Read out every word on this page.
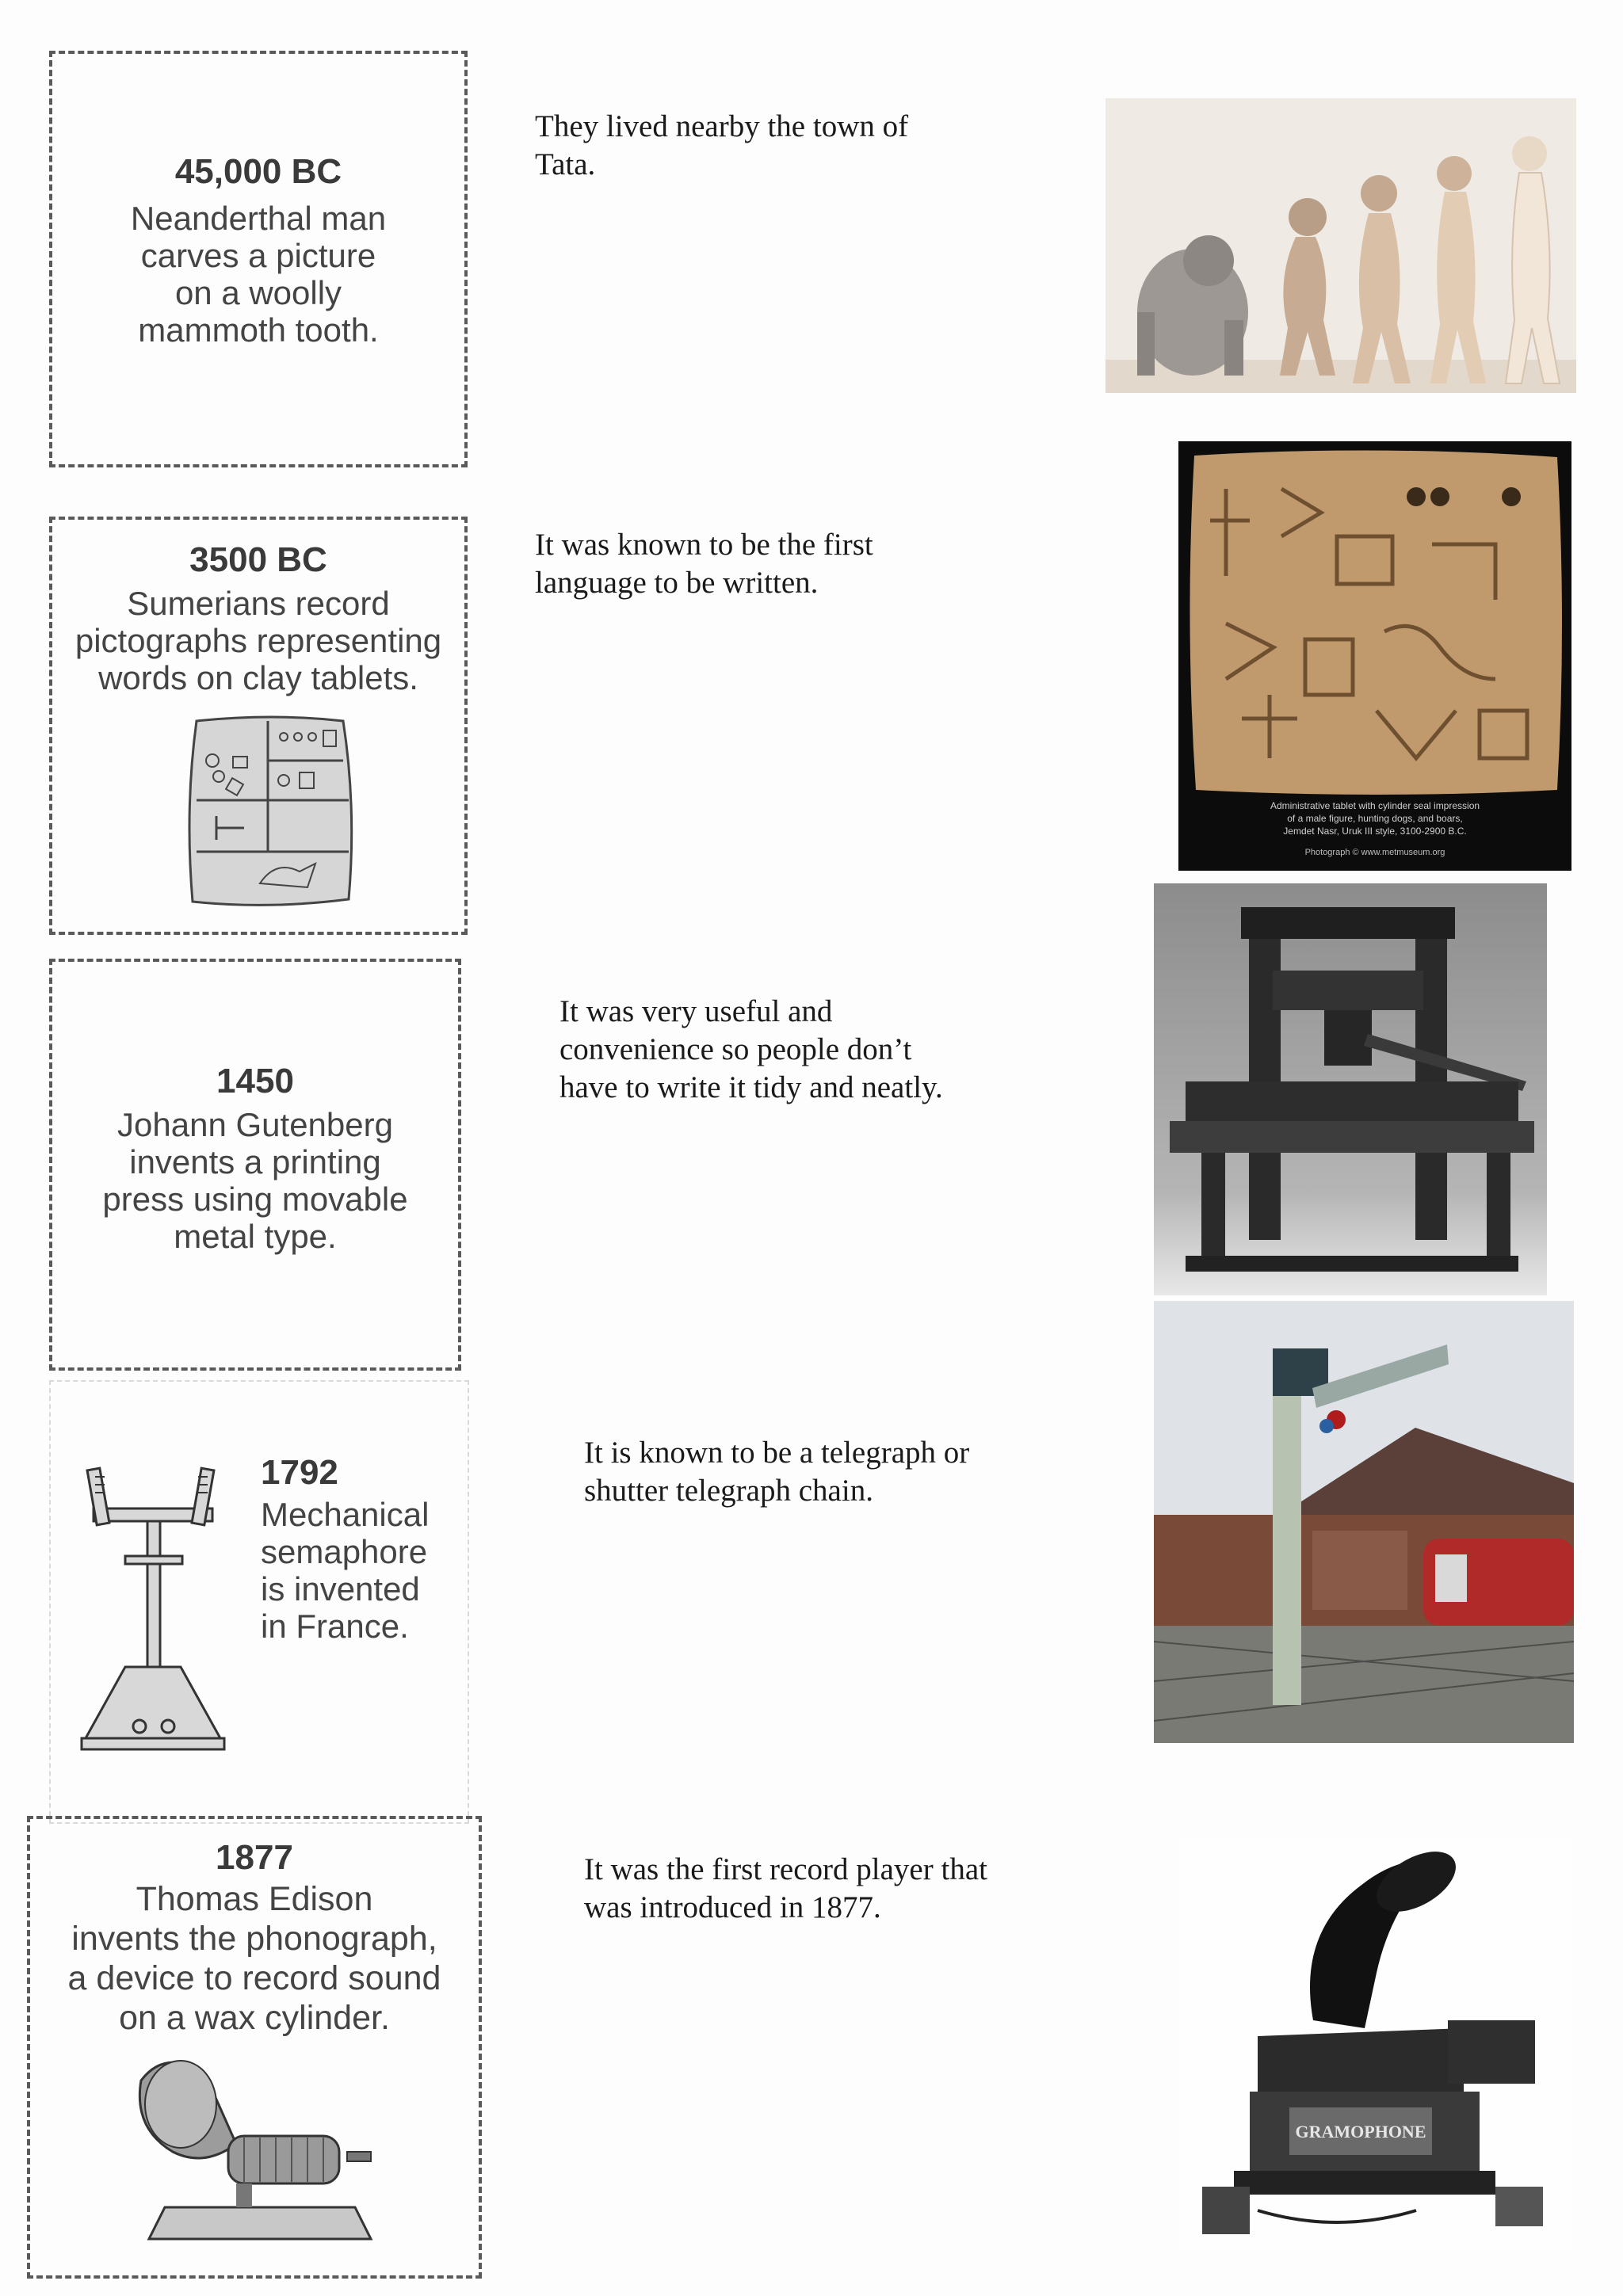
45,000 BC
Neanderthal man
carves a picture
on a woolly
mammoth tooth.
They lived nearby the town of
Tata.
3500 BC
Sumerians record
pictographs representing
words on clay tablets.
It was known to be the first
language to be written.
Administrative tablet with cylinder seal impression
of a male figure, hunting dogs, and boars,
Jemdet Nasr, Uruk III style, 3100-2900 B.C.
Photograph © www.metmuseum.org
1450
Johann Gutenberg
invents a printing
press using movable
metal type.
It was very useful and
convenience so people don’t
have to write it tidy and neatly.
1792
Mechanical
semaphore
is invented
in France.
It is known to be a telegraph or
shutter telegraph chain.
1877
Thomas Edison
invents the phonograph,
a device to record sound
on a wax cylinder.
It was the first record player that
was introduced in 1877.
GRAMOPHONE
